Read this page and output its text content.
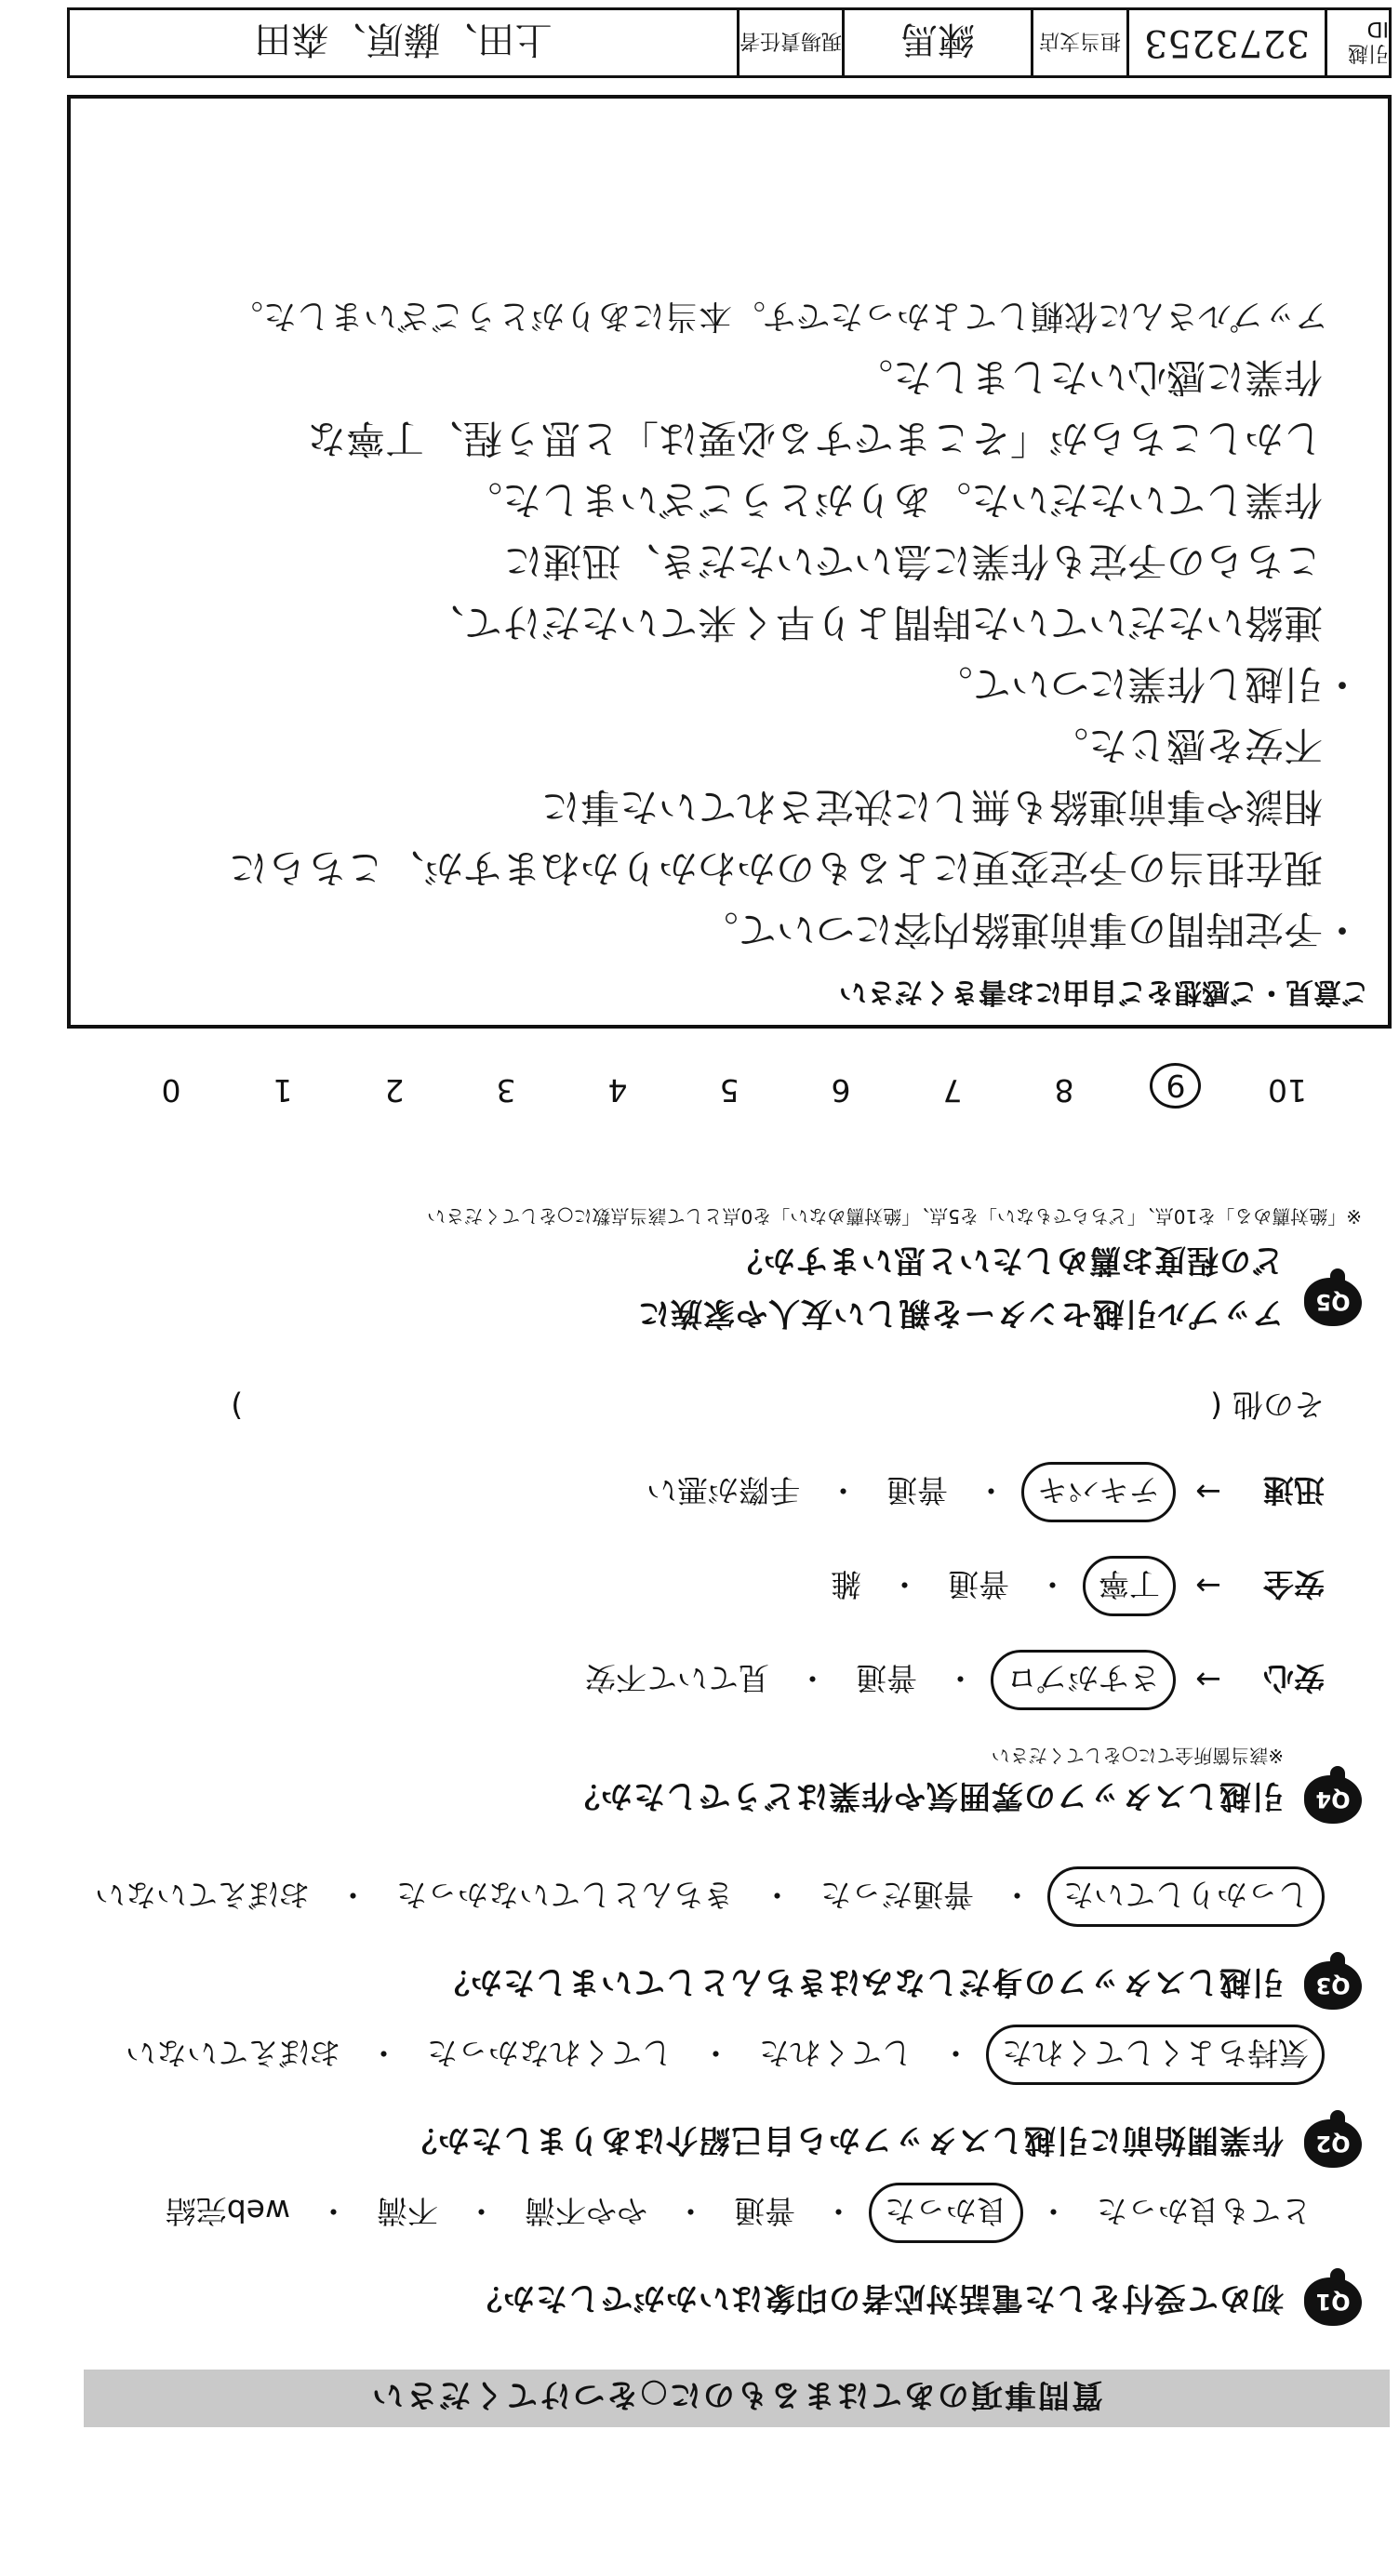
質問事項のあてはまるものに○をつけてください
Q1
初めて受付をした電話対応者の印象はいかがでしたか？
とても良かった
・
良かった
・
普通
・
やや不満
・
不満
・
web完結
Q2
作業開始前に引越しスタッフから自己紹介はありましたか？
気持ちよくしてくれた
・
してくれた
・
してくれなかった
・
おぼえていない
Q3
引越しスタッフの身だしなみはきちんとしていましたか？
しっかりしていた
・
普通だった
・
きちんとしていなかった
・
おぼえていない
Q4
引越しスタッフの雰囲気や作業はどうでしたか？
※該当箇所全てに○をしてください
安心
→
さすがプロ
・
普通
・
見ていて不安
安全
→
丁寧
・
普通
・
雑
迅速
→
テキパキ
・
普通
・
手際が悪い
その他
(
)
Q5
アップル引越センターを親しい友人や家族に
どの程度お薦めしたいと思いますか？
※「絶対薦める」を10点、「どちらでもない」を5点、「絶対薦めない」を0点として該当点数に○をしてください
10
9
8
7
6
5
4
3
2
1
0
ご意見・ご感想をご自由にお書きください
・予定時間の事前連絡内容について。
　現在担当の予定変更によるものかわかりかねますが、こちらに
　相談や事前連絡も無しに決定されていた事に
　不安を感じた。
・引越し作業について。
　連絡いただいていた時間より早く来ていただけて、
　こちらの予定も作業に急いでいただき、迅速に
　作業していただいた。ありがとうございました。
　しかしこちらが「そこまでする必要は」と思う程、丁寧な
　作業に感心いたしました。
　アップルさんに依頼してよかったです。本当にありがとうございました。
引越ID
3273253
担当支店
練馬
現場責任者
上田、藤原、森田
